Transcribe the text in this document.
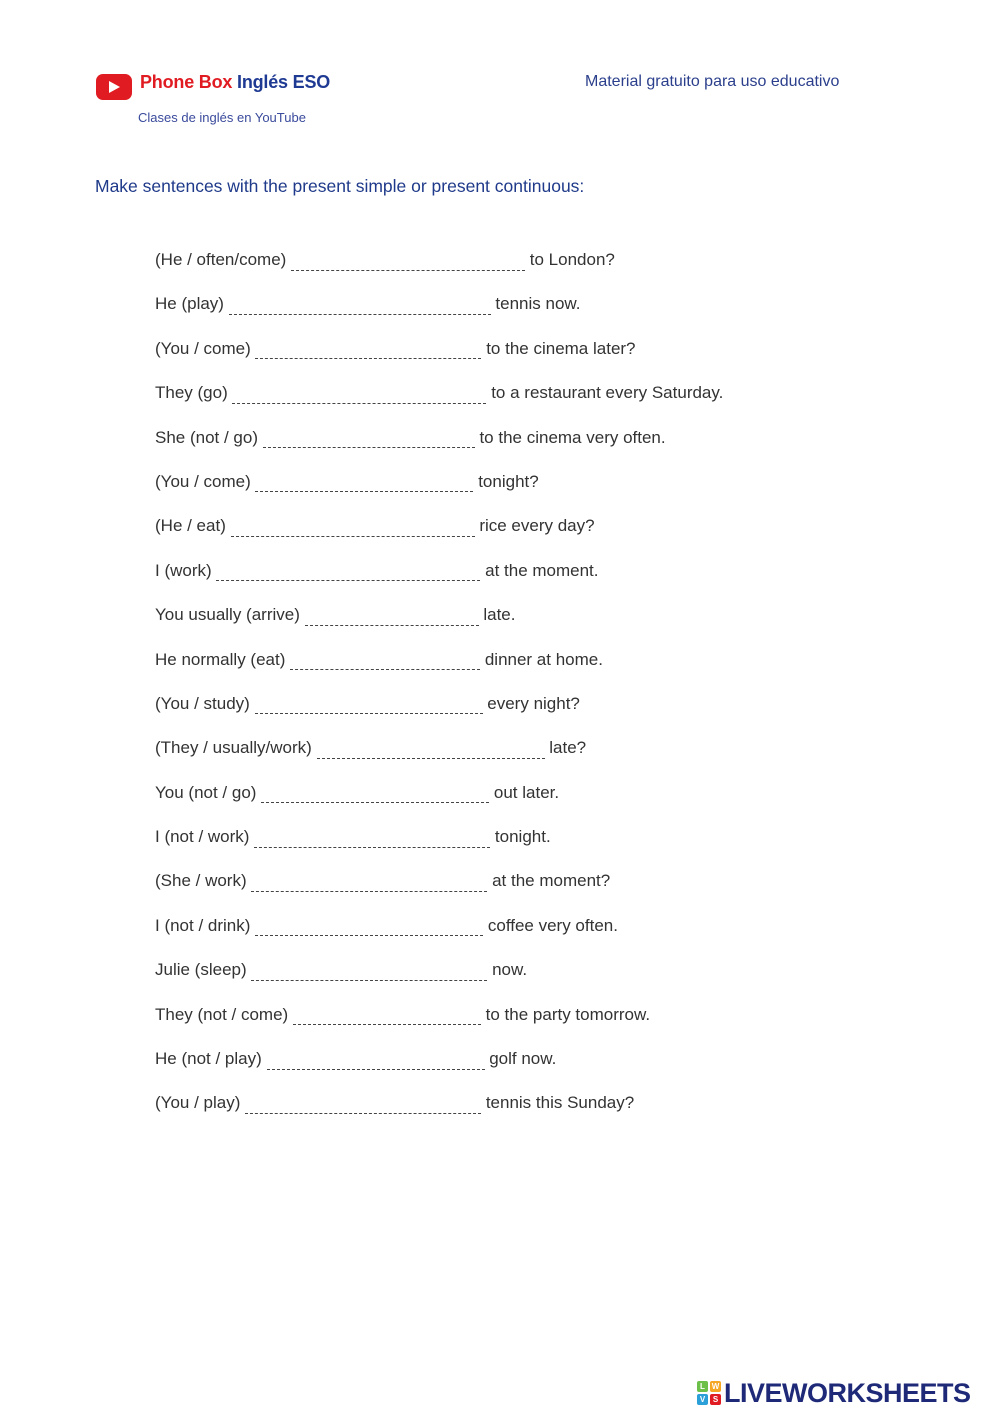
Phone Box Inglés ESO
Clases de inglés en YouTube
Material gratuito para uso educativo
Make sentences with the present simple or present continuous:
(He / often/come)	to London?
He (play)	tennis now.
(You / come)	to the cinema later?
They (go)	to a restaurant every Saturday.
She (not / go)	to the cinema very often.
(You / come)	tonight?
(He / eat)	rice every day?
I (work)	at the moment.
You usually (arrive)	late.
He normally (eat)	dinner at home.
(You / study)	every night?
(They / usually/work)	late?
You (not / go)	out later.
I (not / work)	tonight.
(She / work)	at the moment?
I (not / drink)	coffee very often.
Julie (sleep)	now.
They (not / come)	to the party tomorrow.
He (not / play)	golf now.
(You / play)	tennis this Sunday?
L W
V S LIVEWORKSHEETS
